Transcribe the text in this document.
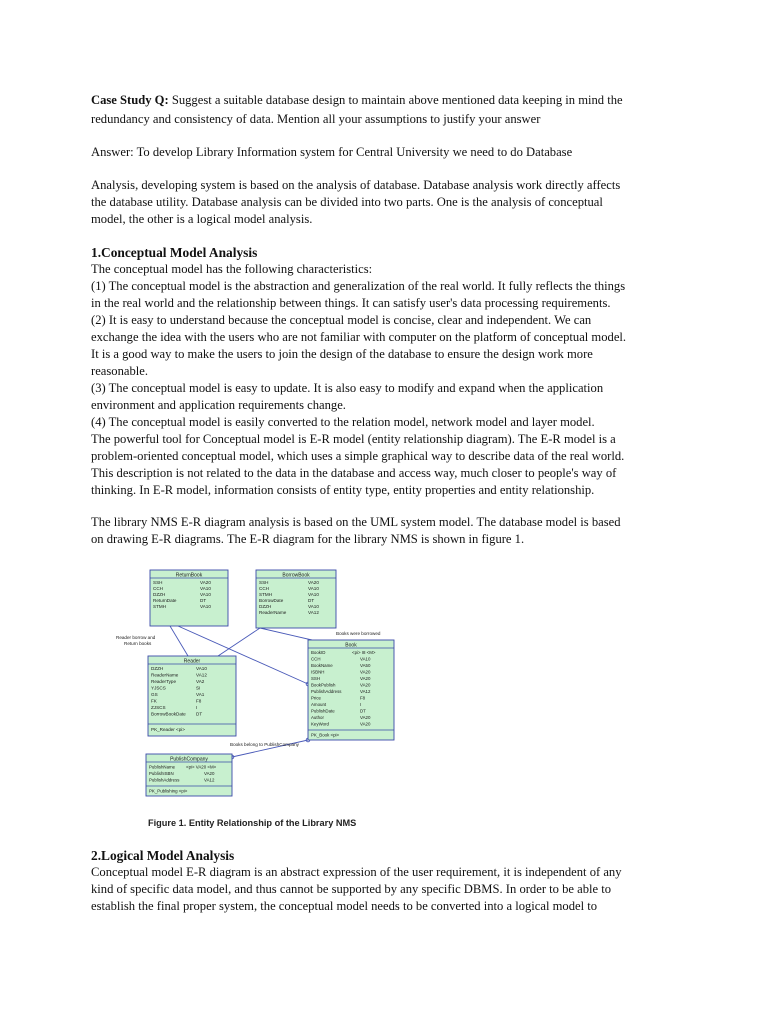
Case Study Q: Suggest a suitable database design to maintain above mentioned data keeping in mind the
redundancy and consistency of data. Mention all your assumptions to justify your answer
Answer: To develop Library Information system for Central University we need to do Database
Analysis, developing system is based on the analysis of database. Database analysis work directly affects
the database utility. Database analysis can be divided into two parts. One is the analysis of conceptual
model, the other is a logical model analysis.
1.Conceptual Model Analysis
The conceptual model has the following characteristics:
(1) The conceptual model is the abstraction and generalization of the real world. It fully reflects the things
in the real world and the relationship between things. It can satisfy user's data processing requirements.
(2) It is easy to understand because the conceptual model is concise, clear and independent. We can
exchange the idea with the users who are not familiar with computer on the platform of conceptual model.
It is a good way to make the users to join the design of the database to ensure the design work more
reasonable.
(3) The conceptual model is easy to update. It is also easy to modify and expand when the application
environment and application requirements change.
(4) The conceptual model is easily converted to the relation model, network model and layer model.
The powerful tool for Conceptual model is E-R model (entity relationship diagram). The E-R model is a
problem-oriented conceptual model, which uses a simple graphical way to describe data of the real world.
This description is not related to the data in the database and access way, much closer to people's way of
thinking. In E-R model, information consists of entity type, entity properties and entity relationship.
The library NMS E-R diagram analysis is based on the UML system model. The database model is based
on drawing E-R diagrams. The E-R diagram for the library NMS is shown in figure 1.
ReturnBook
SSH	VA20
CCH	VA10
DZZH	VA10
ReturnDate	DT
STMH	VA10
BorrowBook
SSH	VA20
CCH	VA10
STMH	VA10
BorrowDate	DT
DZZH	VA10
ReaderName	VA12
Reader
DZZH	VA10
ReaderName	VA12
ReaderType	VA2
YJSCS	SI
GS	VA1
FK	F8
ZJSCS	I
BorrowBookDate DT
PK_Reader <pi>
Book
BookID	<pi> I8 <M>
CCH	VA10
BookName	VA50
ISBNH	VA20
SSH	VA20
BookPublish	VA20
PublishAddress	VA12
Price	F8
Amount	I
PublishDate	DT
Author	VA20
KeyWord	VA20
PK_Book <pi>
PublishCompany
PublishName <pi> VA20 <M>
PublishISBN	VA20
PublishAddress	VA12
PK_Publishing <pi>
Books were borrowed
Reader borrow and
Return books
Books belong to PublishCompany
Figure 1. Entity Relationship of the Library NMS
2.Logical Model Analysis
Conceptual model E-R diagram is an abstract expression of the user requirement, it is independent of any
kind of specific data model, and thus cannot be supported by any specific DBMS. In order to be able to
establish the final proper system, the conceptual model needs to be converted into a logical model to
